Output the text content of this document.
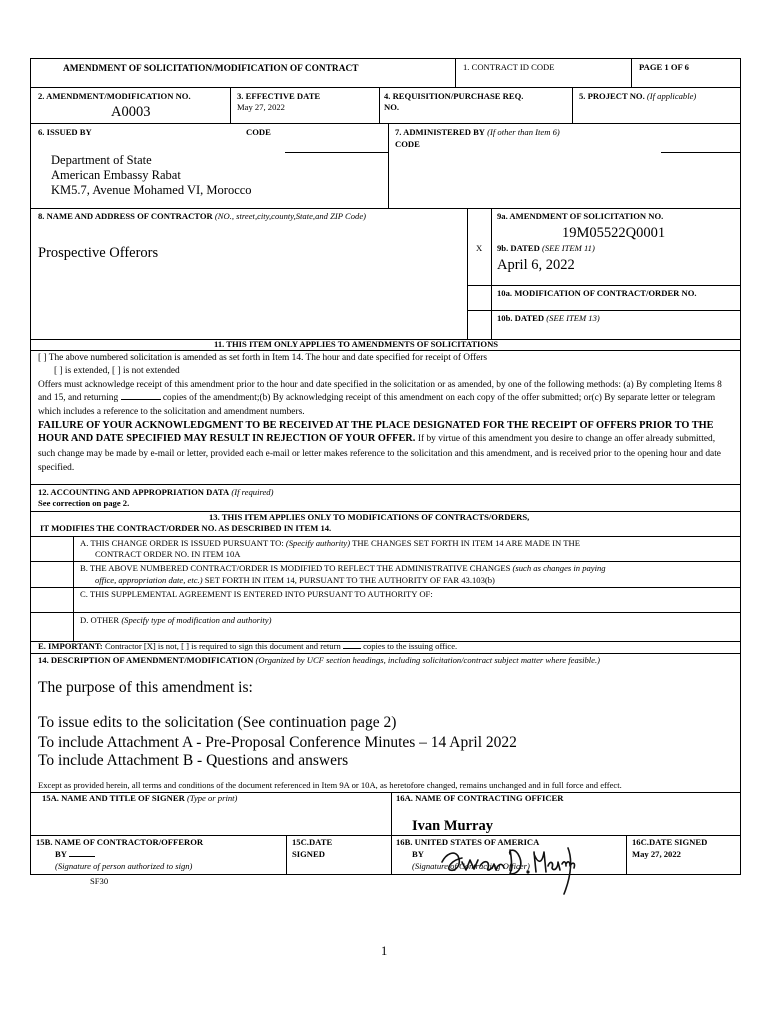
AMENDMENT OF SOLICITATION/MODIFICATION OF CONTRACT	1. CONTRACT ID CODE	PAGE 1 OF 6
2. AMENDMENT/MODIFICATION NO.
A0003
3. EFFECTIVE DATE
May 27, 2022
4. REQUISITION/PURCHASE REQ.
NO.
5. PROJECT NO. (If applicable)
6. ISSUED BY	CODE
Department of State
American Embassy Rabat
KM5.7, Avenue Mohamed VI, Morocco
7. ADMINISTERED BY (If other than Item 6)
CODE
8. NAME AND ADDRESS OF CONTRACTOR (NO., street,city,county,State,and ZIP Code)
Prospective Offerors
9a. AMENDMENT OF SOLICITATION NO.
19M05522Q0001
X 9b. DATED (SEE ITEM 11)
April 6, 2022
10a. MODIFICATION OF CONTRACT/ORDER NO.
10b. DATED (SEE ITEM 13)
11. THIS ITEM ONLY APPLIES TO AMENDMENTS OF SOLICITATIONS
[ ] The above numbered solicitation is amended as set forth in Item 14. The hour and date specified for receipt of Offers
[ ] is extended, [ ] is not extended
Offers must acknowledge receipt of this amendment prior to the hour and date specified in the solicitation or as amended, by one of the following methods: (a) By completing Items 8 and 15, and returning	copies of the amendment;(b) By acknowledging receipt of this amendment on each copy of the offer submitted; or(c) By separate letter or telegram which includes a reference to the solicitation and amendment numbers.
FAILURE OF YOUR ACKNOWLEDGMENT TO BE RECEIVED AT THE PLACE DESIGNATED FOR THE RECEIPT OF OFFERS PRIOR TO THE HOUR AND DATE SPECIFIED MAY RESULT IN REJECTION OF YOUR OFFER. If by virtue of this amendment you desire to change an offer already submitted, such change may be made by e-mail or letter, provided each e-mail or letter makes reference to the solicitation and this amendment, and is received prior to the opening hour and date specified.
12. ACCOUNTING AND APPROPRIATION DATA (If required)
See correction on page 2.
13. THIS ITEM APPLIES ONLY TO MODIFICATIONS OF CONTRACTS/ORDERS,
IT MODIFIES THE CONTRACT/ORDER NO. AS DESCRIBED IN ITEM 14.
A. THIS CHANGE ORDER IS ISSUED PURSUANT TO: (Specify authority) THE CHANGES SET FORTH IN ITEM 14 ARE MADE IN THE
CONTRACT ORDER NO. IN ITEM 10A
B. THE ABOVE NUMBERED CONTRACT/ORDER IS MODIFIED TO REFLECT THE ADMINISTRATIVE CHANGES (such as changes in paying
office, appropriation date, etc.) SET FORTH IN ITEM 14, PURSUANT TO THE AUTHORITY OF FAR 43.103(b)
C. THIS SUPPLEMENTAL AGREEMENT IS ENTERED INTO PURSUANT TO AUTHORITY OF:
D. OTHER (Specify type of modification and authority)
E. IMPORTANT: Contractor [X] is not, [ ] is required to sign this document and return	copies to the issuing office.
14. DESCRIPTION OF AMENDMENT/MODIFICATION (Organized by UCF section headings, including solicitation/contract subject matter where feasible.)
The purpose of this amendment is:
To issue edits to the solicitation (See continuation page 2)
To include Attachment A - Pre-Proposal Conference Minutes – 14 April 2022
To include Attachment B - Questions and answers
Except as provided herein, all terms and conditions of the document referenced in Item 9A or 10A, as heretofore changed, remains unchanged and in full force and effect.
15A. NAME AND TITLE OF SIGNER (Type or print)	16A. NAME OF CONTRACTING OFFICER
Ivan Murray
15B. NAME OF CONTRACTOR/OFFEROR
BY
(Signature of person authorized to sign)
15C.DATE
SIGNED
16B. UNITED STATES OF AMERICA
BY
(Signature of Contracting Officer)
16C.DATE SIGNED
May 27, 2022
SF30
1
